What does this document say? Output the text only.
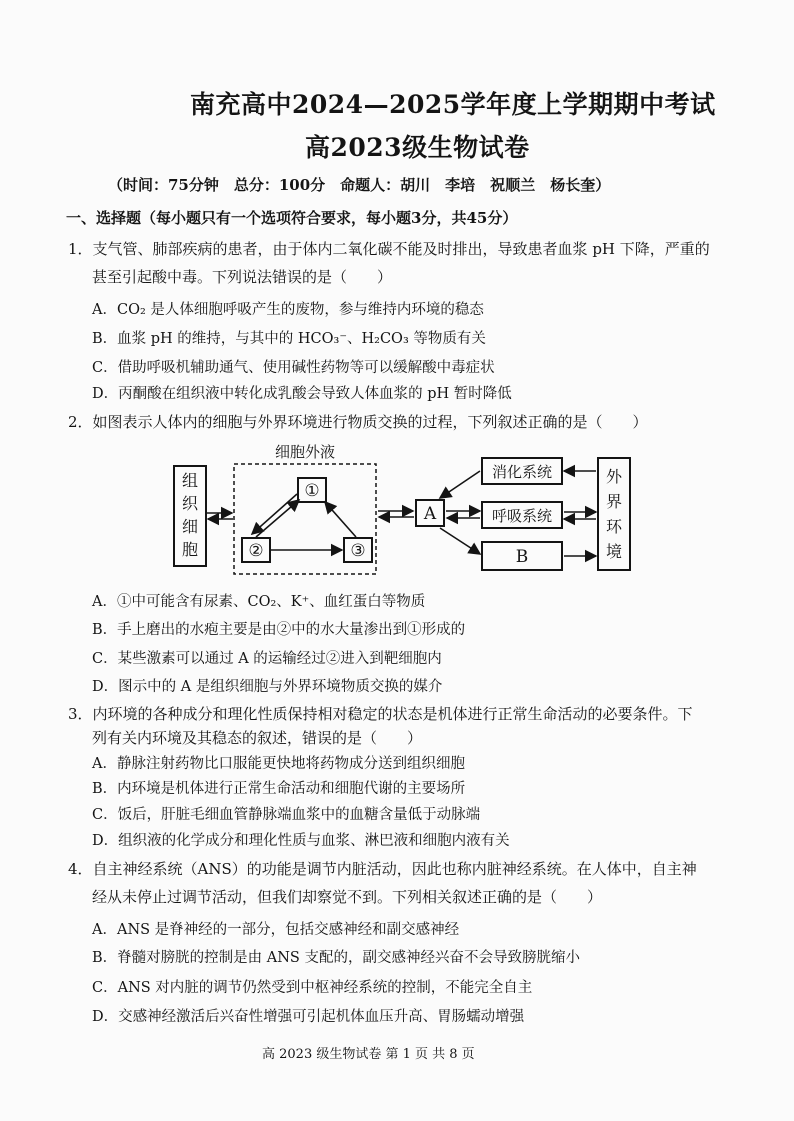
南充高中2024—2025学年度上学期期中考试
高2023级生物试卷
（时间：75分钟　总分：100分　命题人：胡川　李培　祝顺兰　杨长奎）
一、选择题（每小题只有一个选项符合要求，每小题3分，共45分）
1．支气管、肺部疾病的患者，由于体内二氧化碳不能及时排出，导致患者血浆 pH 下降，严重的
甚至引起酸中毒。下列说法错误的是（　　）
A．CO₂ 是人体细胞呼吸产生的废物，参与维持内环境的稳态
B．血浆 pH 的维持，与其中的 HCO₃⁻、H₂CO₃ 等物质有关
C．借助呼吸机辅助通气、使用碱性药物等可以缓解酸中毒症状
D．丙酮酸在组织液中转化成乳酸会导致人体血浆的 pH 暂时降低
2．如图表示人体内的细胞与外界环境进行物质交换的过程，下列叙述正确的是（　　）
组
织
细
胞
细胞外液
①
②	③
A
消化系统
呼吸系统
B
外
界
环
境
A．①中可能含有尿素、CO₂、K⁺、血红蛋白等物质
B．手上磨出的水疱主要是由②中的水大量渗出到①形成的
C．某些激素可以通过 A 的运输经过②进入到靶细胞内
D．图示中的 A 是组织细胞与外界环境物质交换的媒介
3．内环境的各种成分和理化性质保持相对稳定的状态是机体进行正常生命活动的必要条件。下
列有关内环境及其稳态的叙述，错误的是（　　）
A．静脉注射药物比口服能更快地将药物成分送到组织细胞
B．内环境是机体进行正常生命活动和细胞代谢的主要场所
C．饭后，肝脏毛细血管静脉端血浆中的血糖含量低于动脉端
D．组织液的化学成分和理化性质与血浆、淋巴液和细胞内液有关
4．自主神经系统（ANS）的功能是调节内脏活动，因此也称内脏神经系统。在人体中，自主神
经从未停止过调节活动，但我们却察觉不到。下列相关叙述正确的是（　　）
A．ANS 是脊神经的一部分，包括交感神经和副交感神经
B．脊髓对膀胱的控制是由 ANS 支配的，副交感神经兴奋不会导致膀胱缩小
C．ANS 对内脏的调节仍然受到中枢神经系统的控制，不能完全自主
D．交感神经激活后兴奋性增强可引起机体血压升高、胃肠蠕动增强
高 2023 级生物试卷 第 1 页 共 8 页
